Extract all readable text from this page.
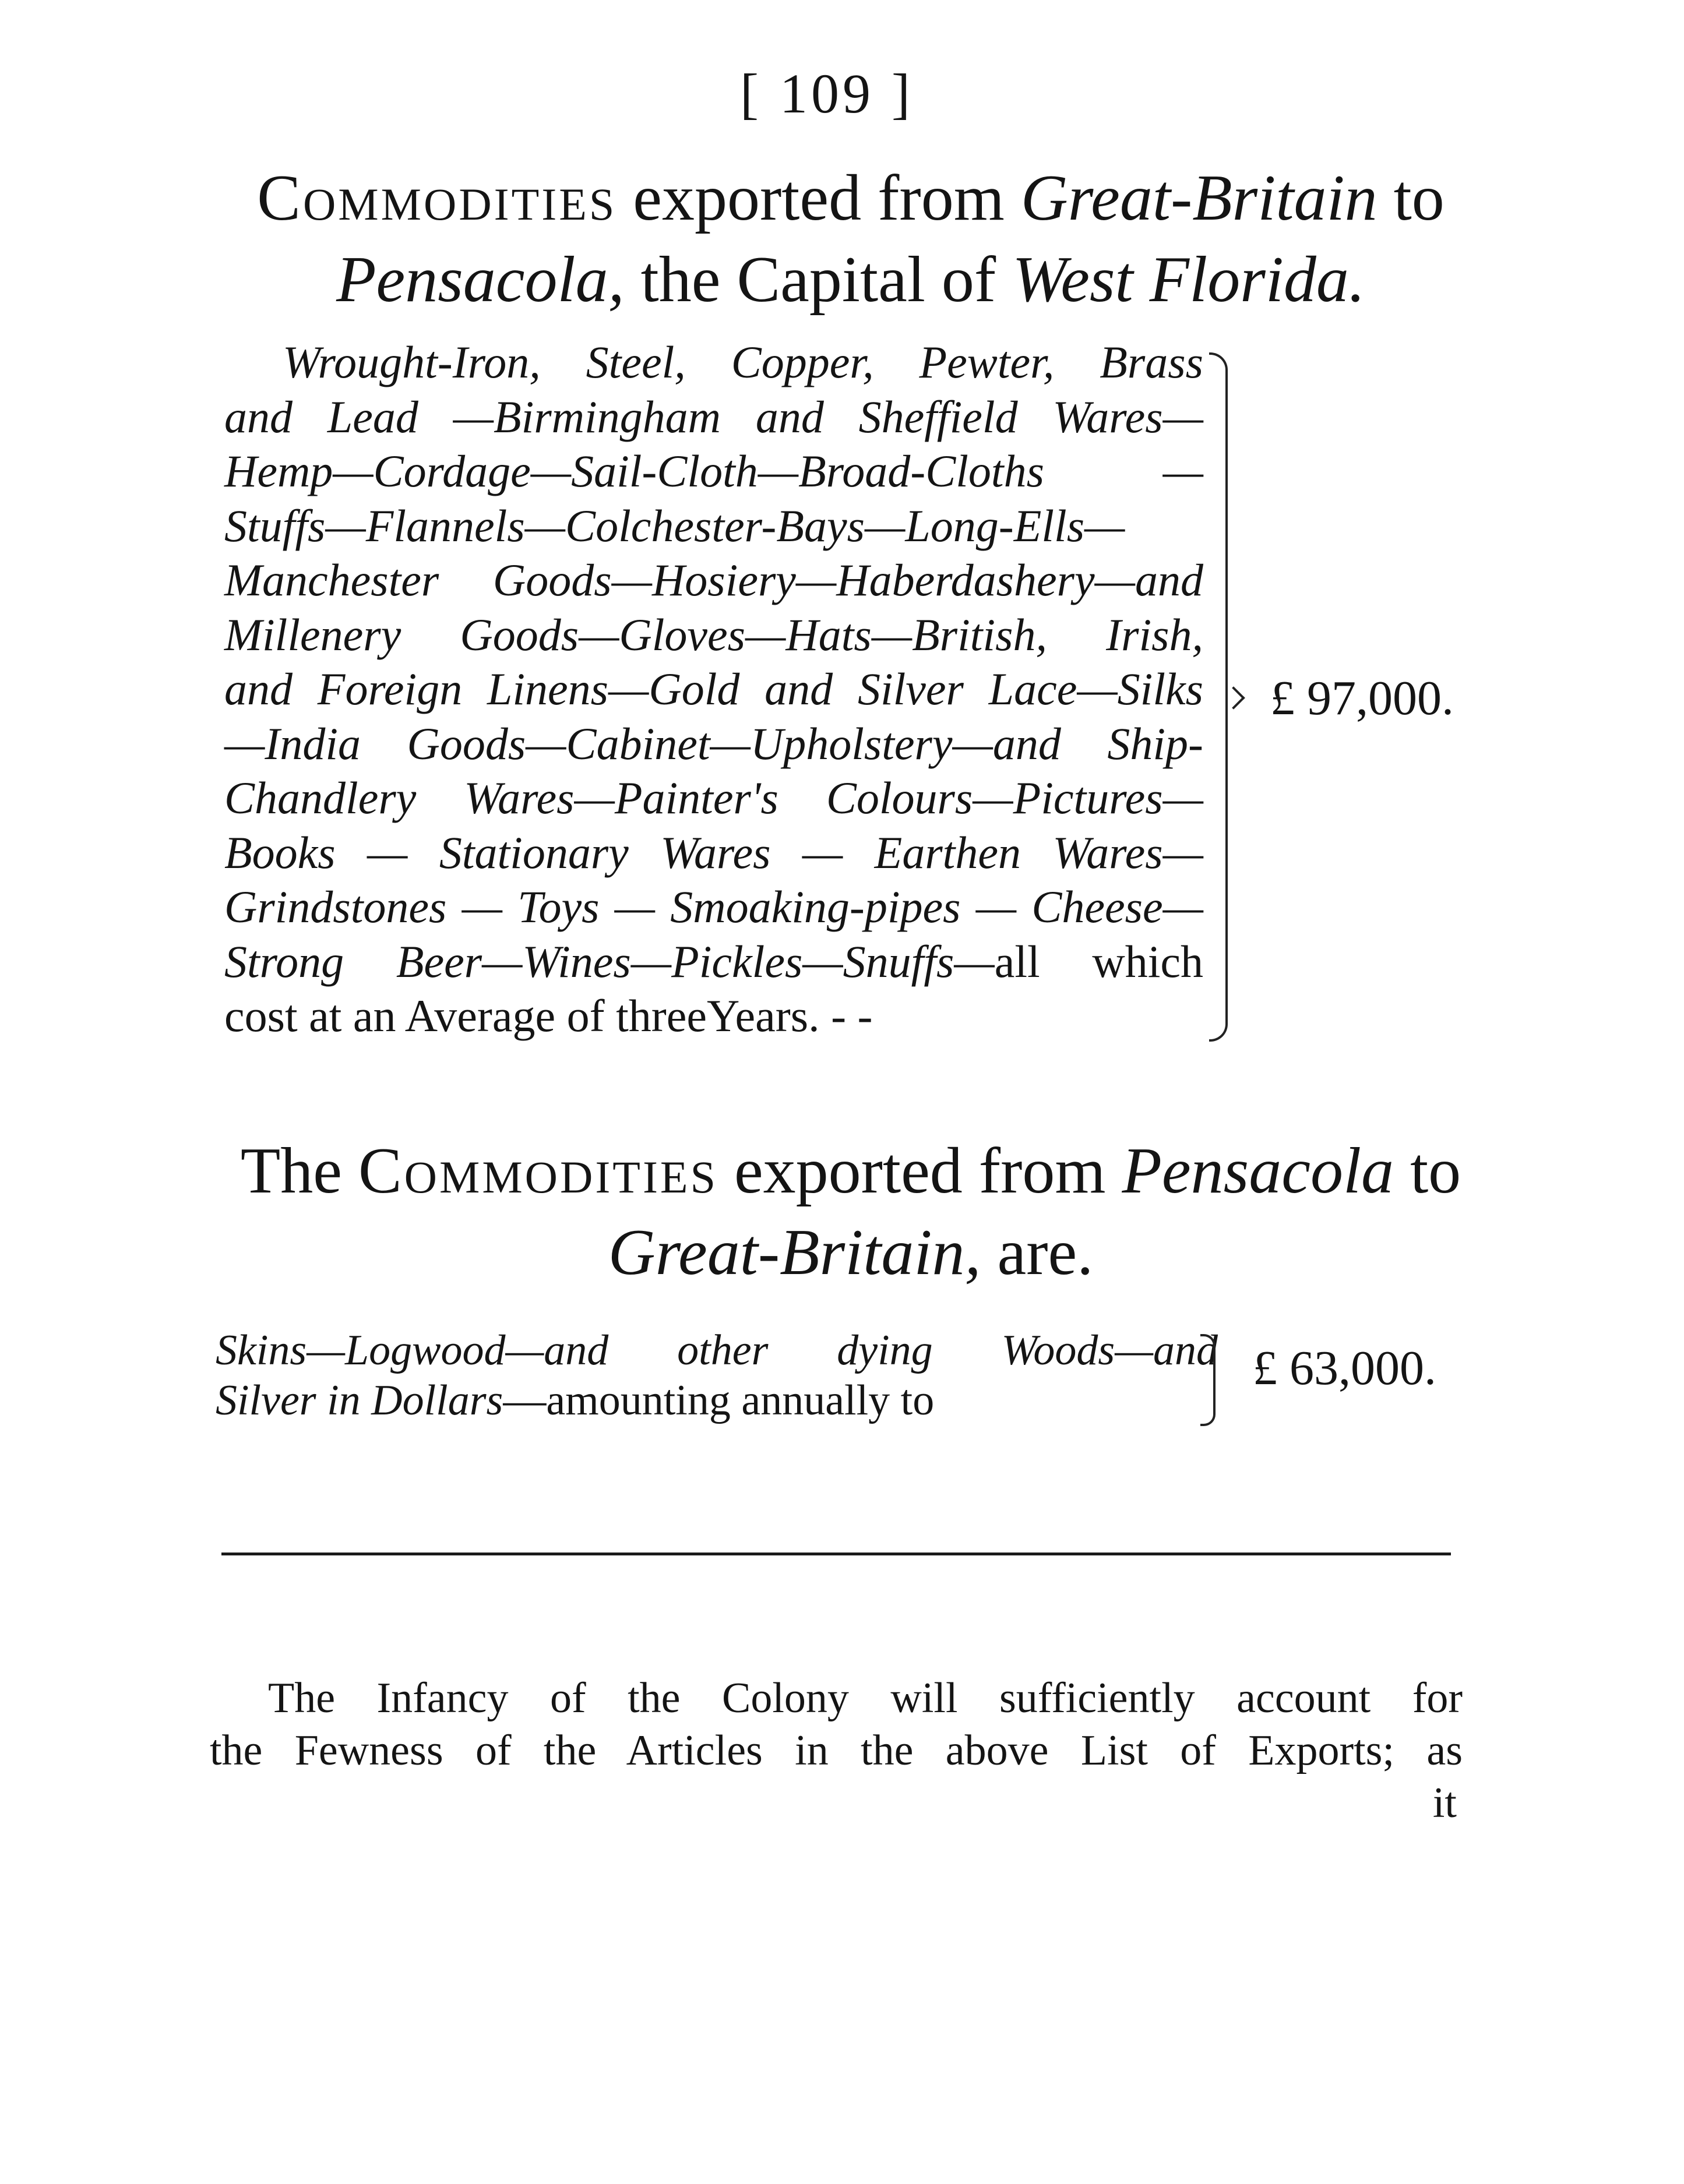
[ 109 ]
Commodities exported from Great-Britain to
Pensacola, the Capital of West Florida.
Wrought-Iron, Steel, Copper, Pewter, Brass
and Lead —Birmingham and Sheffield Wares—
Hemp—Cordage—Sail-Cloth—Broad-Cloths —
Stuffs—Flannels—Colchester-Bays—Long-Ells—
Manchester Goods—Hosiery—Haberdashery—and
Millenery Goods—Gloves—Hats—British, Irish,
and Foreign Linens—Gold and Silver Lace—Silks
—India Goods—Cabinet—Upholstery—and Ship-
Chandlery Wares—Painter's Colours—Pictures—
Books — Stationary Wares — Earthen Wares—
Grindstones — Toys — Smoaking-pipes — Cheese—
Strong Beer—Wines—Pickles—Snuffs—all which
cost at an Average of threeYears. - -
£ 97,000.
The Commodities exported from Pensacola to
Great-Britain, are.
Skins—Logwood—and other dying Woods—and
Silver in Dollars—amounting annually to
£ 63,000.
The Infancy of the Colony will sufficiently account for
the Fewness of the Articles in the above List of Exports; as
it
